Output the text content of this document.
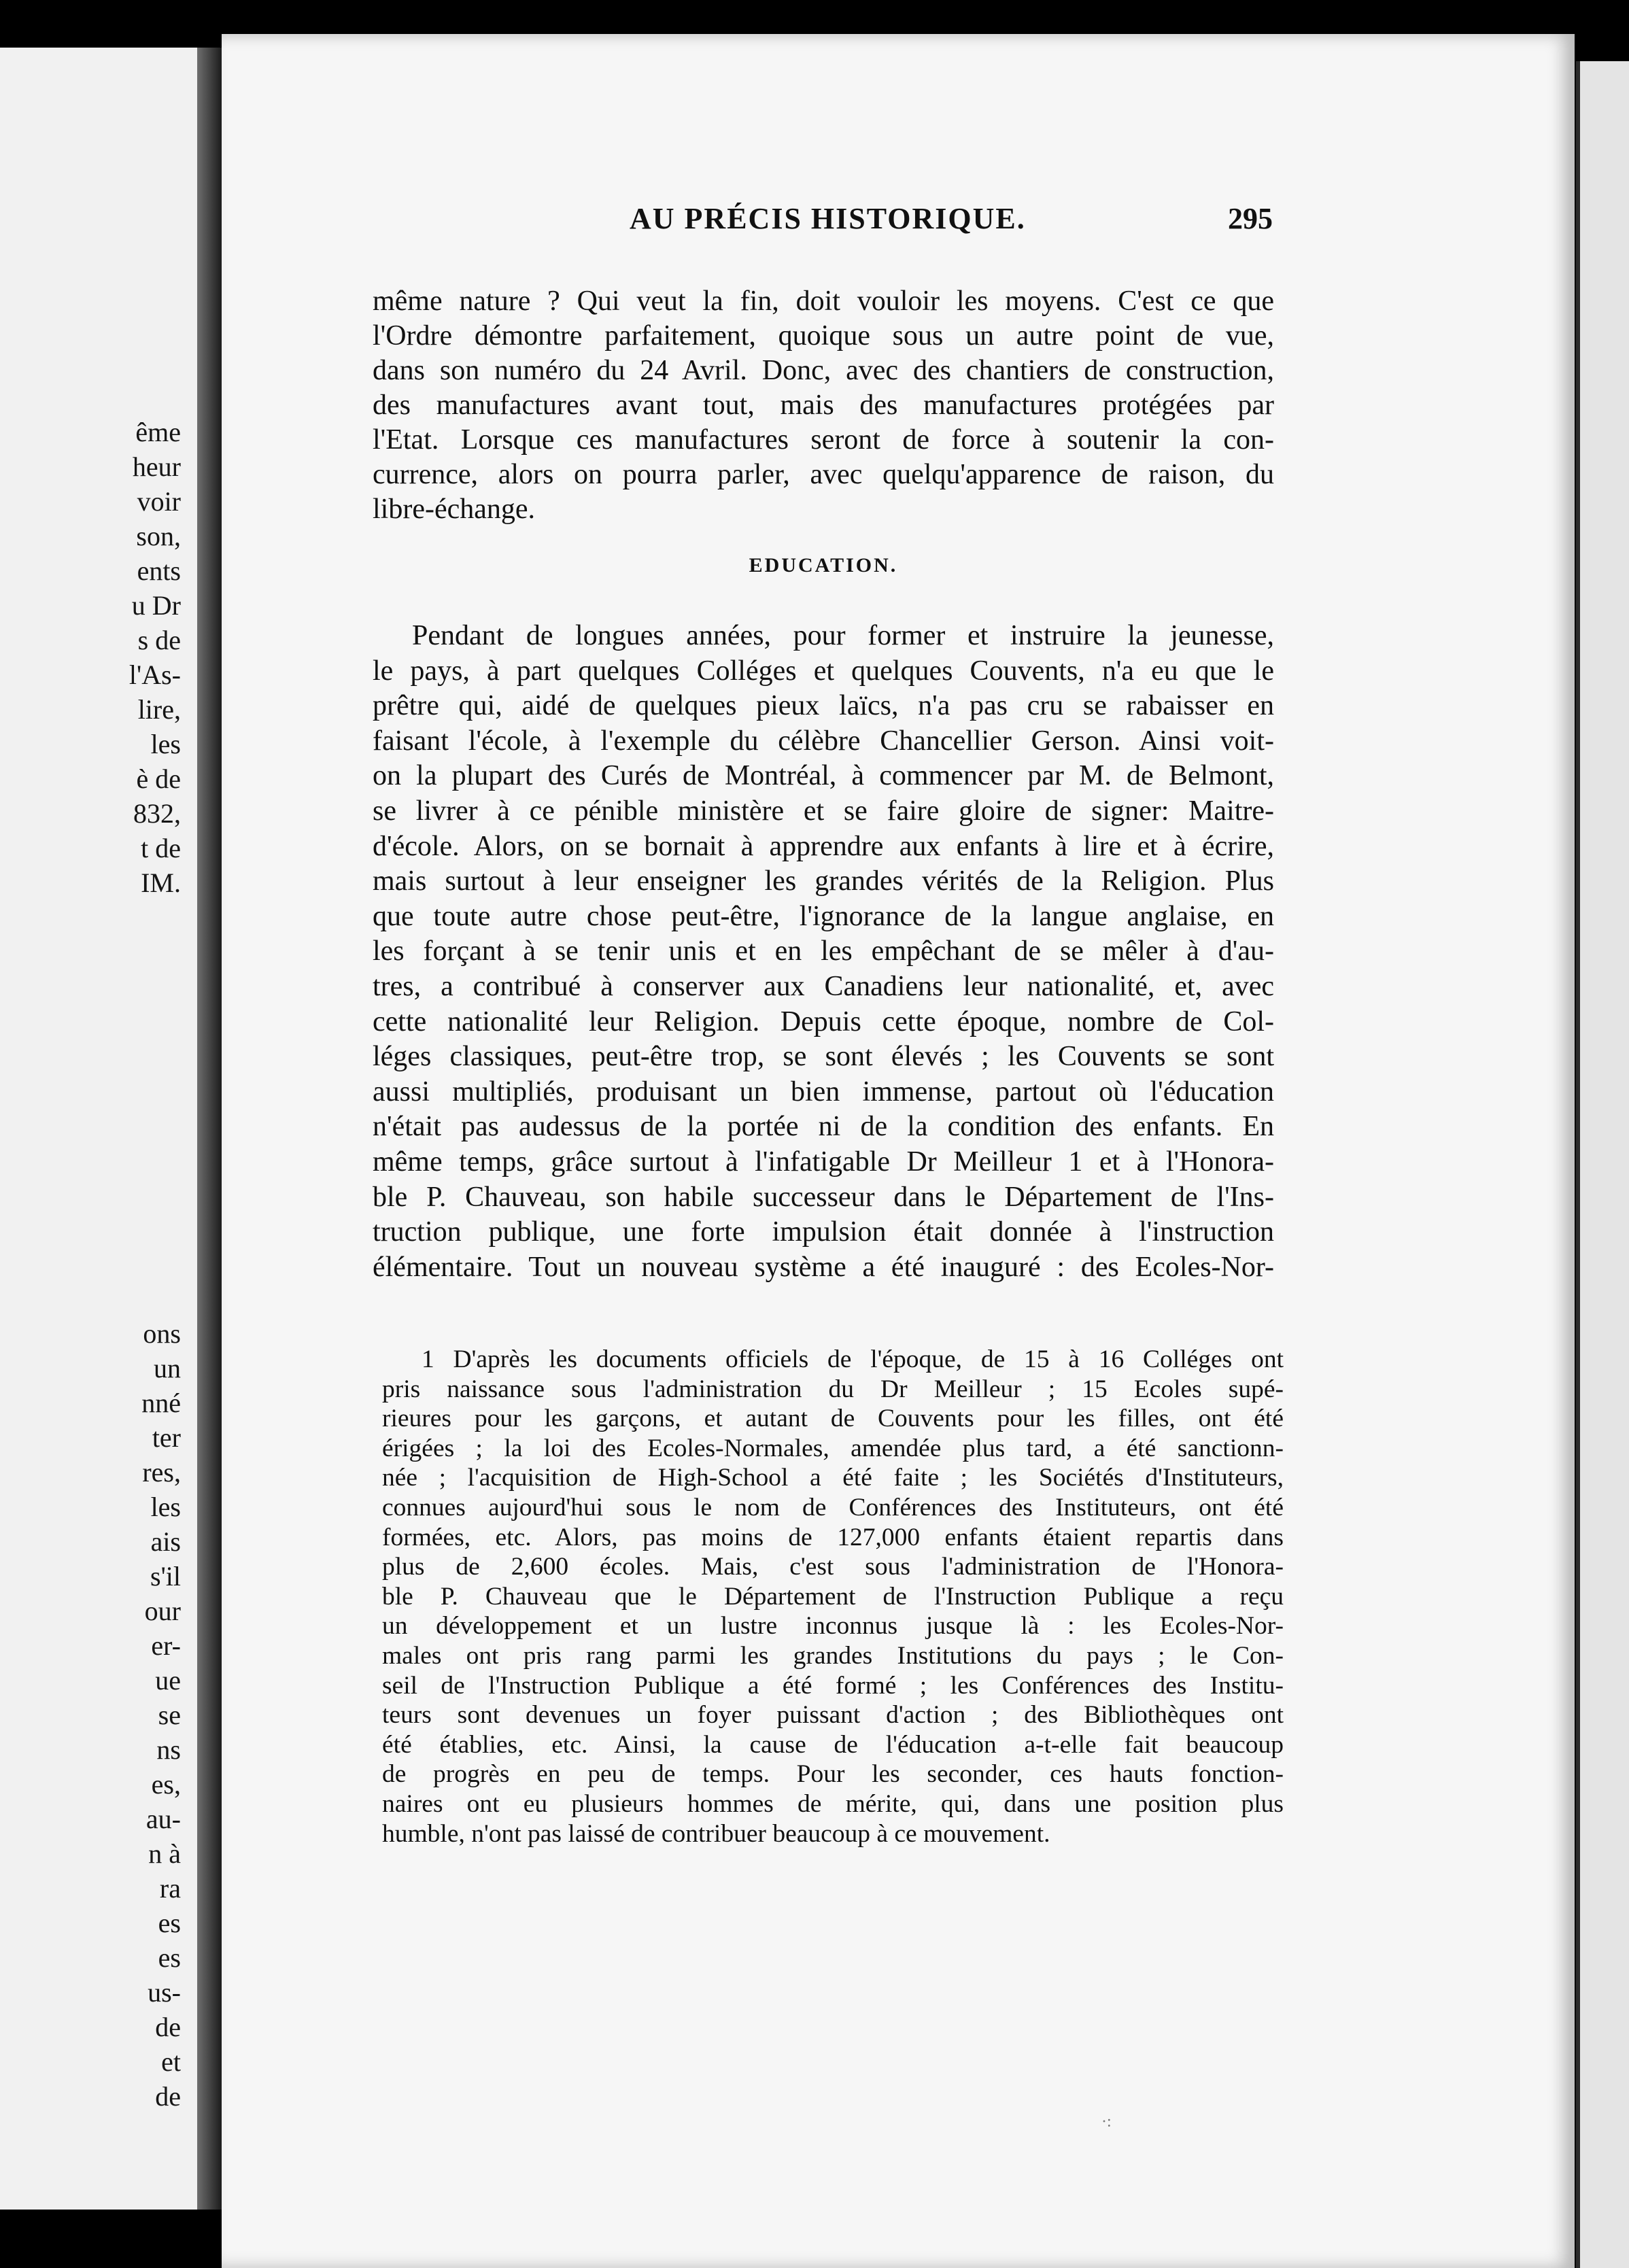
ême
heur
voir
son,
ents
u Dr
s de
l'As-
lire,
les
è de
832,
t de
IM.
ons
un
nné
ter
res,
les
ais
s'il
our
er-
ue
se
ns
es,
au-
n à
ra
es
es
us-
de
et
de
AU PRÉCIS HISTORIQUE.	295
même nature ? Qui veut la fin, doit vouloir les moyens. C'est ce que
l'Ordre démontre parfaitement, quoique sous un autre point de vue,
dans son numéro du 24 Avril. Donc, avec des chantiers de construction,
des manufactures avant tout, mais des manufactures protégées par
l'Etat. Lorsque ces manufactures seront de force à soutenir la con-
currence, alors on pourra parler, avec quelqu'apparence de raison, du
libre-échange.
EDUCATION.
Pendant de longues années, pour former et instruire la jeunesse,
le pays, à part quelques Colléges et quelques Couvents, n'a eu que le
prêtre qui, aidé de quelques pieux laïcs, n'a pas cru se rabaisser en
faisant l'école, à l'exemple du célèbre Chancellier Gerson. Ainsi voit-
on la plupart des Curés de Montréal, à commencer par M. de Belmont,
se livrer à ce pénible ministère et se faire gloire de signer: Maitre-
d'école. Alors, on se bornait à apprendre aux enfants à lire et à écrire,
mais surtout à leur enseigner les grandes vérités de la Religion. Plus
que toute autre chose peut-être, l'ignorance de la langue anglaise, en
les forçant à se tenir unis et en les empêchant de se mêler à d'au-
tres, a contribué à conserver aux Canadiens leur nationalité, et, avec
cette nationalité leur Religion. Depuis cette époque, nombre de Col-
léges classiques, peut-être trop, se sont élevés ; les Couvents se sont
aussi multipliés, produisant un bien immense, partout où l'éducation
n'était pas audessus de la portée ni de la condition des enfants. En
même temps, grâce surtout à l'infatigable Dr Meilleur 1 et à l'Honora-
ble P. Chauveau, son habile successeur dans le Département de l'Ins-
truction publique, une forte impulsion était donnée à l'instruction
élémentaire. Tout un nouveau système a été inauguré : des Ecoles-Nor-
1 D'après les documents officiels de l'époque, de 15 à 16 Colléges ont
pris naissance sous l'administration du Dr Meilleur ; 15 Ecoles supé-
rieures pour les garçons, et autant de Couvents pour les filles, ont été
érigées ; la loi des Ecoles-Normales, amendée plus tard, a été sanctionn-
née ; l'acquisition de High-School a été faite ; les Sociétés d'Instituteurs,
connues aujourd'hui sous le nom de Conférences des Instituteurs, ont été
formées, etc. Alors, pas moins de 127,000 enfants étaient repartis dans
plus de 2,600 écoles. Mais, c'est sous l'administration de l'Honora-
ble P. Chauveau que le Département de l'Instruction Publique a reçu
un développement et un lustre inconnus jusque là : les Ecoles-Nor-
males ont pris rang parmi les grandes Institutions du pays ; le Con-
seil de l'Instruction Publique a été formé ; les Conférences des Institu-
teurs sont devenues un foyer puissant d'action ; des Bibliothèques ont
été établies, etc. Ainsi, la cause de l'éducation a-t-elle fait beaucoup
de progrès en peu de temps. Pour les seconder, ces hauts fonction-
naires ont eu plusieurs hommes de mérite, qui, dans une position plus
humble, n'ont pas laissé de contribuer beaucoup à ce mouvement.
·:
